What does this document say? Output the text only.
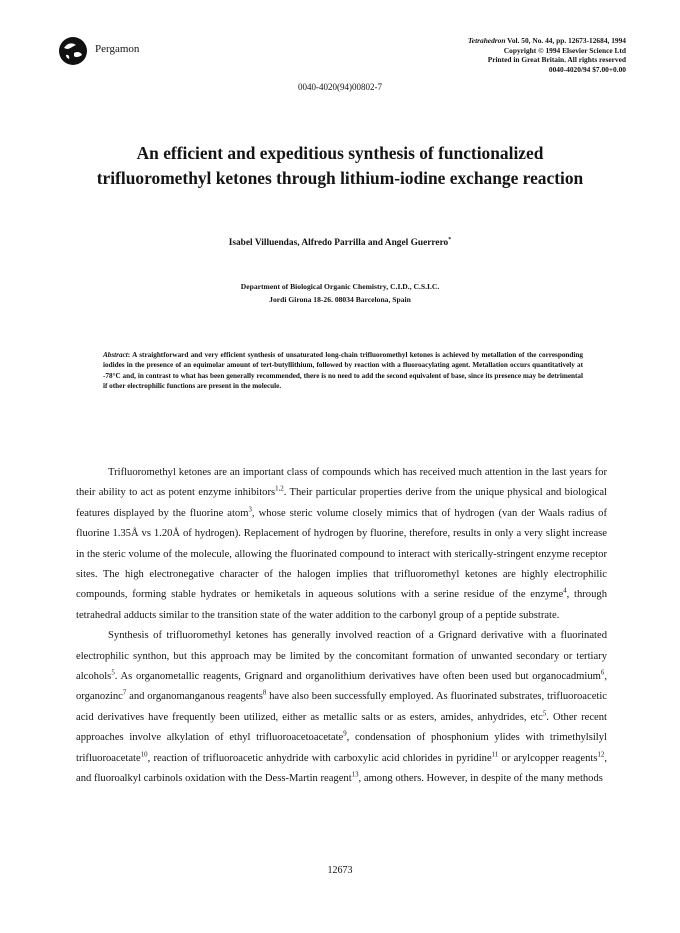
Pergamon
Tetrahedron Vol. 50, No. 44, pp. 12673-12684, 1994
Copyright © 1994 Elsevier Science Ltd
Printed in Great Britain. All rights reserved
0040-4020/94 $7.00+0.00
0040-4020(94)00802-7
An efficient and expeditious synthesis of functionalized
trifluoromethyl ketones through lithium-iodine exchange reaction
Isabel Villuendas, Alfredo Parrilla and Angel Guerrero*
Department of Biological Organic Chemistry, C.I.D., C.S.I.C.
Jordi Girona 18-26. 08034 Barcelona, Spain
Abstract: A straightforward and very efficient synthesis of unsaturated long-chain trifluoromethyl ketones is achieved by metallation of the corresponding iodides in the presence of an equimolar amount of tert-butyllithium, followed by reaction with a fluoroacylating agent. Metallation occurs quantitatively at -78°C and, in contrast to what has been generally recommended, there is no need to add the second equivalent of base, since its presence may be detrimental if other electrophilic functions are present in the molecule.

Trifluoromethyl ketones are an important class of compounds which has received much attention in the last years for their ability to act as potent enzyme inhibitors$^{1,2}$. Their particular properties derive from the unique physical and biological features displayed by the fluorine atom$^3$, whose steric volume closely mimics that of hydrogen (van der Waals radius of fluorine 1.35Å vs 1.20Å of hydrogen). Replacement of hydrogen by fluorine, therefore, results in only a very slight increase in the steric volume of the molecule, allowing the fluorinated compound to interact with sterically-stringent enzyme receptor sites. The high electronegative character of the halogen implies that trifluoromethyl ketones are highly electrophilic compounds, forming stable hydrates or hemiketals in aqueous solutions with a serine residue of the enzyme$^4$, through tetrahedral adducts similar to the transition state of the water addition to the carbonyl group of a peptide substrate.

Synthesis of trifluoromethyl ketones has generally involved reaction of a Grignard derivative with a fluorinated electrophilic synthon, but this approach may be limited by the concomitant formation of unwanted secondary or tertiary alcohols$^5$. As organometallic reagents, Grignard and organolithium derivatives have often been used but organocadmium$^6$, organozinc$^7$ and organomanganous reagents$^8$ have also been successfully employed. As fluorinated substrates, trifluoroacetic acid derivatives have frequently been utilized, either as metallic salts or as esters, amides, anhydrides, etc$^5$. Other recent approaches involve alkylation of ethyl trifluoroacetoacetate$^9$, condensation of phosphonium ylides with trimethylsilyl trifluoroacetate$^{10}$, reaction of trifluoroacetic anhydride with carboxylic acid chlorides in pyridine$^{11}$ or arylcopper reagents$^{12}$, and fluoroalkyl carbinols oxidation with the Dess-Martin reagent$^{13}$, among others. However, in despite of the many methods

12673
